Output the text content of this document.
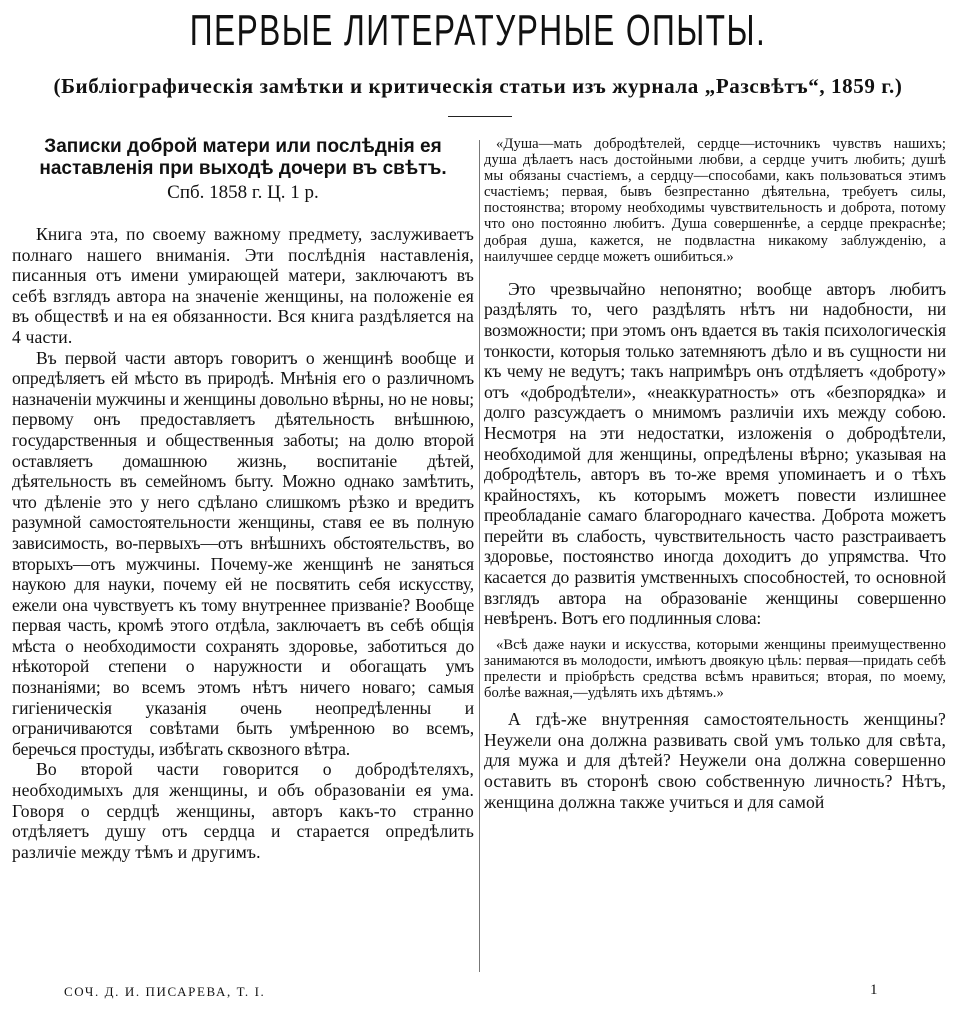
ПЕРВЫЕ ЛИТЕРАТУРНЫЕ ОПЫТЫ.
(Библіографическія замѣтки и критическія статьи изъ журнала „Разсвѣтъ“, 1859 г.)
Записки доброй матери или послѣднія ея наставленія при выходѣ дочери въ свѣтъ.
Спб. 1858 г. Ц. 1 р.

Книга эта, по своему важному предмету, заслуживаетъ полнаго нашего вниманія. Эти послѣднія наставленія, писанныя отъ имени умирающей матери, заключаютъ въ себѣ взглядъ автора на значеніе женщины, на положеніе ея въ обществѣ и на ея обязанности. Вся книга раздѣляется на 4 части.

Въ первой части авторъ говоритъ о женщинѣ вообще и опредѣляетъ ей мѣсто въ природѣ. Мнѣнія его о различномъ назначеніи мужчины и женщины довольно вѣрны, но не новы; первому онъ предоставляетъ дѣятельность внѣшнюю, государственныя и общественныя заботы; на долю второй оставляетъ домашнюю жизнь, воспитаніе дѣтей, дѣятельность въ семейномъ быту. Можно однако замѣтить, что дѣленіе это у него сдѣлано слишкомъ рѣзко и вредитъ разумной самостоятельности женщины, ставя ее въ полную зависимость, во-первыхъ—отъ внѣшнихъ обстоятельствъ, во вторыхъ—отъ мужчины. Почему-же женщинѣ не заняться наукою для науки, почему ей не посвятить себя искусству, ежели она чувствуетъ къ тому внутреннее призваніе? Вообще первая часть, кромѣ этого отдѣла, заключаетъ въ себѣ общія мѣста о необходимости сохранять здоровье, заботиться до нѣкоторой степени о наружности и обогащать умъ познаніями; во всемъ этомъ нѣтъ ничего новаго; самыя гигіеническія указанія очень неопредѣленны и ограничиваются совѣтами быть умѣренною во всемъ, беречься простуды, избѣгать сквозного вѣтра.

Во второй части говорится о добродѣтеляхъ, необходимыхъ для женщины, и объ образованіи ея ума. Говоря о сердцѣ женщины, авторъ какъ-то странно отдѣляетъ душу отъ сердца и старается опредѣлить различіе между тѣмъ и другимъ.

«Душа—мать добродѣтелей, сердце—источникъ чувствъ нашихъ; душа дѣлаетъ насъ достойными любви, а сердце учитъ любить; душѣ мы обязаны счастіемъ, а сердцу—способами, какъ пользоваться этимъ счастіемъ; первая, бывъ безпрестанно дѣятельна, требуетъ силы, постоянства; второму необходимы чувствительность и доброта, потому что оно постоянно любитъ. Душа совершеннѣе, а сердце прекраснѣе; добрая душа, кажется, не подвластна никакому заблужденію, а наилучшее сердце можетъ ошибиться.»

Это чрезвычайно непонятно; вообще авторъ любитъ раздѣлять то, чего раздѣлять нѣтъ ни надобности, ни возможности; при этомъ онъ вдается въ такія психологическія тонкости, которыя только затемняютъ дѣло и въ сущности ни къ чему не ведутъ; такъ напримѣръ онъ отдѣляетъ «доброту» отъ «добродѣтели», «неаккуратность» отъ «безпорядка» и долго разсуждаетъ о мнимомъ различіи ихъ между собою. Несмотря на эти недостатки, изложенія о добродѣтели, необходимой для женщины, опредѣлены вѣрно; указывая на добродѣтель, авторъ въ то-же время упоминаетъ и о тѣхъ крайностяхъ, къ которымъ можетъ повести излишнее преобладаніе самаго благороднаго качества. Доброта можетъ перейти въ слабость, чувствительность часто разстраиваетъ здоровье, постоянство иногда доходитъ до упрямства. Что касается до развитія умственныхъ способностей, то основной взглядъ автора на образованіе женщины совершенно невѣренъ. Вотъ его подлинныя слова:

«Всѣ даже науки и искусства, которыми женщины преимущественно занимаются въ молодости, имѣютъ двоякую цѣль: первая—придать себѣ прелести и пріобрѣсть средства всѣмъ нравиться; вторая, по моему, болѣе важная,—удѣлять ихъ дѣтямъ.»

А гдѣ-же внутренняя самостоятельность женщины? Неужели она должна развивать свой умъ только для свѣта, для мужа и для дѣтей? Неужели она должна совершенно оставить въ сторонѣ свою собственную личность? Нѣтъ, женщина должна также учиться и для самой

СОЧ. Д. И. ПИСАРЕВА, Т. I.	1
